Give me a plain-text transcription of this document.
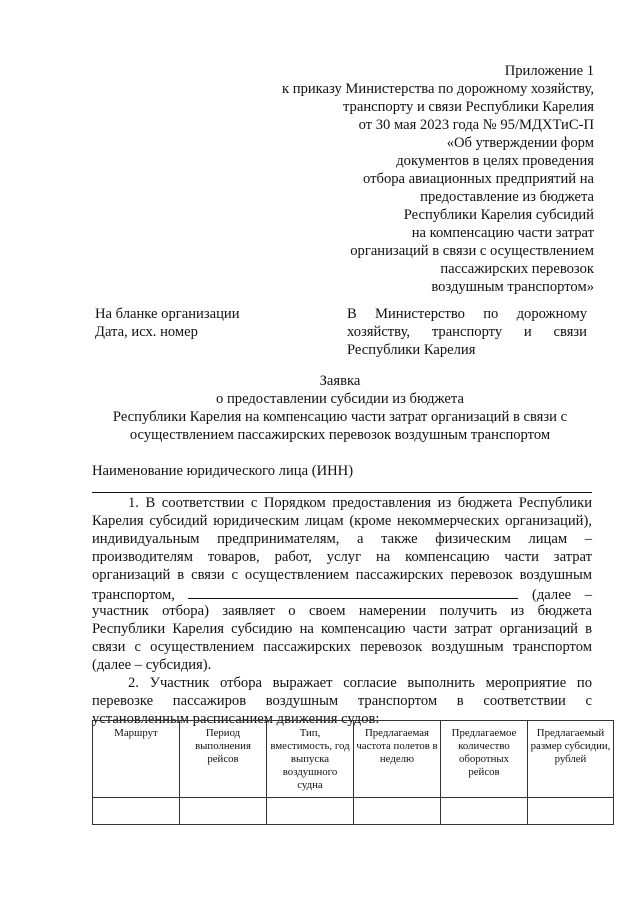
Приложение 1
к приказу Министерства по дорожному хозяйству,
транспорту и связи Республики Карелия
от 30 мая 2023 года № 95/МДХТиС-П
«Об утверждении форм
документов в целях проведения
отбора авиационных предприятий на
предоставление из бюджета
Республики Карелия субсидий
на компенсацию части затрат
организаций в связи с осуществлением
пассажирских перевозок
воздушным транспортом»
На бланке организации
Дата, исх. номер
В Министерство по дорожному
хозяйству, транспорту и связи
Республики Карелия
Заявка
о предоставлении субсидии из бюджета
Республики Карелия на компенсацию части затрат организаций в связи с
осуществлением пассажирских перевозок воздушным транспортом
Наименование юридического лица (ИНН)
1. В соответствии с Порядком предоставления из бюджета Республики
Карелия субсидий юридическим лицам (кроме некоммерческих организаций),
индивидуальным предпринимателям, а также физическим лицам –
производителям товаров, работ, услуг на компенсацию части затрат
организаций в связи с осуществлением пассажирских перевозок воздушным
транспортом,	(далее –
участник отбора) заявляет о своем намерении получить из бюджета
Республики Карелия субсидию на компенсацию части затрат организаций в
связи с осуществлением пассажирских перевозок воздушным транспортом
(далее – субсидия).
2. Участник отбора выражает согласие выполнить мероприятие по
перевозке пассажиров воздушным транспортом в соответствии с
установленным расписанием движения судов:
Маршрут	Период выполнения рейсов	Тип, вместимость, год выпуска воздушного судна	Предлагаемая частота полетов в неделю	Предлагаемое количество оборотных рейсов	Предлагаемый размер субсидии, рублей
